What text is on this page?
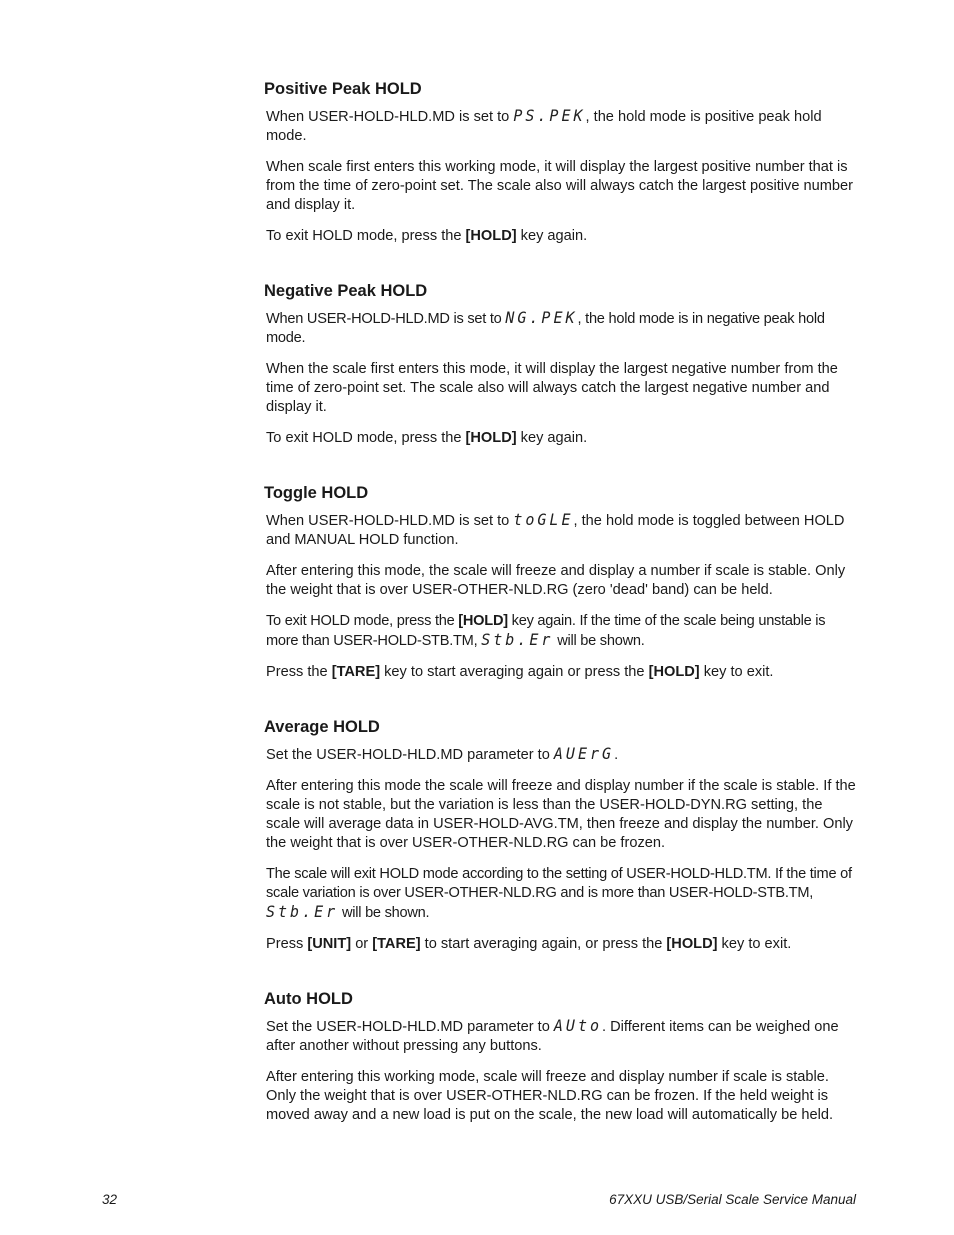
Positive Peak HOLD

When USER-HOLD-HLD.MD is set to PS.PEK, the hold mode is positive peak hold mode.

When scale first enters this working mode, it will display the largest positive number that is from the time of zero-point set. The scale also will always catch the largest positive number and display it.

To exit HOLD mode, press the [HOLD] key again.

Negative Peak HOLD

When USER-HOLD-HLD.MD is set to NG.PEK, the hold mode is in negative peak hold mode.

When the scale first enters this mode, it will display the largest negative number from the time of zero-point set. The scale also will always catch the largest negative number and display it.

To exit HOLD mode, press the [HOLD] key again.

Toggle HOLD

When USER-HOLD-HLD.MD is set to toGLE, the hold mode is toggled between HOLD and MANUAL HOLD function.

After entering this mode, the scale will freeze and display a number if scale is stable. Only the weight that is over USER-OTHER-NLD.RG (zero 'dead' band) can be held.

To exit HOLD mode, press the [HOLD] key again. If the time of the scale being unstable is more than USER-HOLD-STB.TM, Stb.Er will be shown.

Press the [TARE] key to start averaging again or press the [HOLD] key to exit.

Average HOLD

Set the USER-HOLD-HLD.MD parameter to AUErG.

After entering this mode the scale will freeze and display number if the scale is stable. If the scale is not stable, but the variation is less than the USER-HOLD-DYN.RG setting, the scale will average data in USER-HOLD-AVG.TM, then freeze and display the number. Only the weight that is over USER-OTHER-NLD.RG can be frozen.

The scale will exit HOLD mode according to the setting of USER-HOLD-HLD.TM. If the time of scale variation is over USER-OTHER-NLD.RG and is more than USER-HOLD-STB.TM, Stb.Er will be shown.

Press [UNIT] or [TARE] to start averaging again, or press the [HOLD] key to exit.

Auto HOLD

Set the USER-HOLD-HLD.MD parameter to AUto. Different items can be weighed one after another without pressing any buttons.

After entering this working mode, scale will freeze and display number if scale is stable. Only the weight that is over USER-OTHER-NLD.RG can be frozen. If the held weight is moved away and a new load is put on the scale, the new load will automatically be held.

32	67XXU USB/Serial Scale Service Manual
